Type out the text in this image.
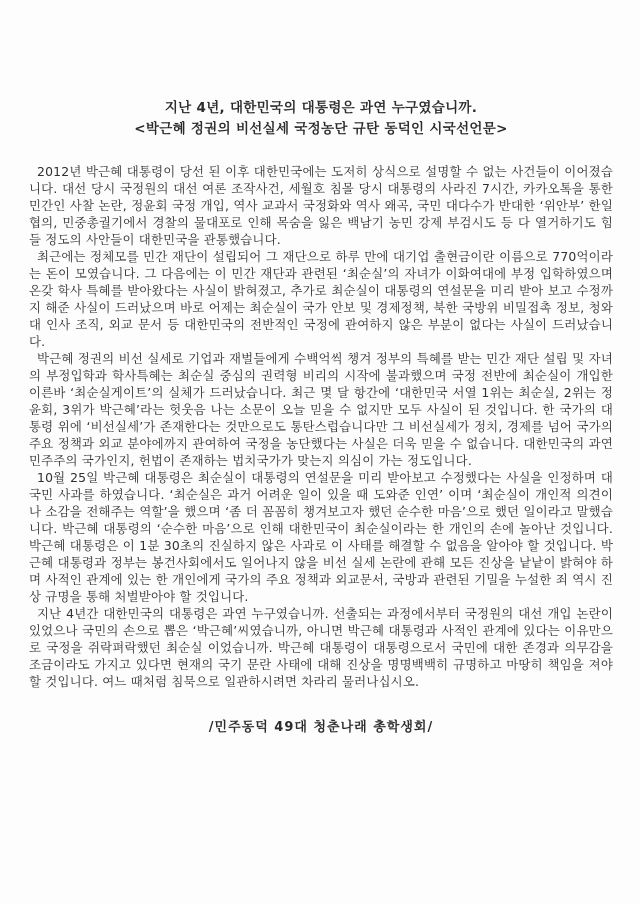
지난 4년, 대한민국의 대통령은 과연 누구였습니까.
<박근혜 정권의 비선실세 국정농단 규탄 동덕인 시국선언문>

2012년 박근혜 대통령이 당선 된 이후 대한민국에는 도저히 상식으로 설명할 수 없는 사건들이 이어졌습니다. 대선 당시 국정원의 대선 여론 조작사건, 세월호 침몰 당시 대통령의 사라진 7시간, 카카오톡을 통한 민간인 사찰 논란, 정윤회 국정 개입, 역사 교과서 국정화와 역사 왜곡, 국민 대다수가 반대한 ‘위안부’ 한일 협의, 민중총궐기에서 경찰의 물대포로 인해 목숨을 잃은 백남기 농민 강제 부검시도 등 다 열거하기도 힘들 정도의 사안들이 대한민국을 관통했습니다.

최근에는 정체모를 민간 재단이 설립되어 그 재단으로 하루 만에 대기업 출현금이란 이름으로 770억이라는 돈이 모였습니다. 그 다음에는 이 민간 재단과 관련된 ‘최순실’의 자녀가 이화여대에 부정 입학하였으며 온갖 학사 특혜를 받아왔다는 사실이 밝혀졌고, 추가로 최순실이 대통령의 연설문을 미리 받아 보고 수정까지 해준 사실이 드러났으며 바로 어제는 최순실이 국가 안보 및 경제정책, 북한 국방위 비밀접촉 정보, 청와대 인사 조직, 외교 문서 등 대한민국의 전반적인 국정에 관여하지 않은 부분이 없다는 사실이 드러났습니다.

박근혜 정권의 비선 실세로 기업과 재벌들에게 수백억씩 챙겨 정부의 특혜를 받는 민간 재단 설립 및 자녀의 부정입학과 학사특혜는 최순실 중심의 권력형 비리의 시작에 불과했으며 국정 전반에 최순실이 개입한 이른바 ‘최순실게이트’의 실체가 드러났습니다. 최근 몇 달 항간에 ‘대한민국 서열 1위는 최순실, 2위는 정윤회, 3위가 박근혜’라는 헛웃음 나는 소문이 오늘 믿을 수 없지만 모두 사실이 된 것입니다. 한 국가의 대통령 위에 ‘비선실세’가 존재한다는 것만으로도 통탄스럽습니다만 그 비선실세가 정치, 경제를 넘어 국가의 주요 정책과 외교 분야에까지 관여하여 국정을 농단했다는 사실은 더욱 믿을 수 없습니다. 대한민국의 과연 민주주의 국가인지, 헌법이 존재하는 법치국가가 맞는지 의심이 가는 정도입니다.

10월 25일 박근혜 대통령은 최순실이 대통령의 연설문을 미리 받아보고 수정했다는 사실을 인정하며 대국민 사과를 하였습니다. ‘최순실은 과거 어려운 일이 있을 때 도와준 인연’ 이며 ‘최순실이 개인적 의견이나 소감을 전해주는 역할’을 했으며 ‘좀 더 꼼꼼히 챙겨보고자 했던 순수한 마음’으로 했던 일이라고 말했습니다. 박근혜 대통령의 ‘순수한 마음’으로 인해 대한민국이 최순실이라는 한 개인의 손에 놀아난 것입니다. 박근혜 대통령은 이 1분 30초의 진실하지 않은 사과로 이 사태를 해결할 수 없음을 알아야 할 것입니다. 박근혜 대통령과 정부는 봉건사회에서도 일어나지 않을 비선 실세 논란에 관해 모든 진상을 낱낱이 밝혀야 하며 사적인 관계에 있는 한 개인에게 국가의 주요 정책과 외교문서, 국방과 관련된 기밀을 누설한 죄 역시 진상 규명을 통해 처벌받아야 할 것입니다.

지난 4년간 대한민국의 대통령은 과연 누구였습니까. 선출되는 과정에서부터 국정원의 대선 개입 논란이 있었으나 국민의 손으로 뽑은 ‘박근혜’씨였습니까, 아니면 박근혜 대통령과 사적인 관계에 있다는 이유만으로 국정을 쥐락펴락했던 최순실 이었습니까. 박근혜 대통령이 대통령으로서 국민에 대한 존경과 의무감을 조금이라도 가지고 있다면 현재의 국기 문란 사태에 대해 진상을 명명백백히 규명하고 마땅히 책임을 져야 할 것입니다. 여느 때처럼 침묵으로 일관하시려면 차라리 물러나십시오.

/민주동덕 49대 청춘나래 총학생회/
